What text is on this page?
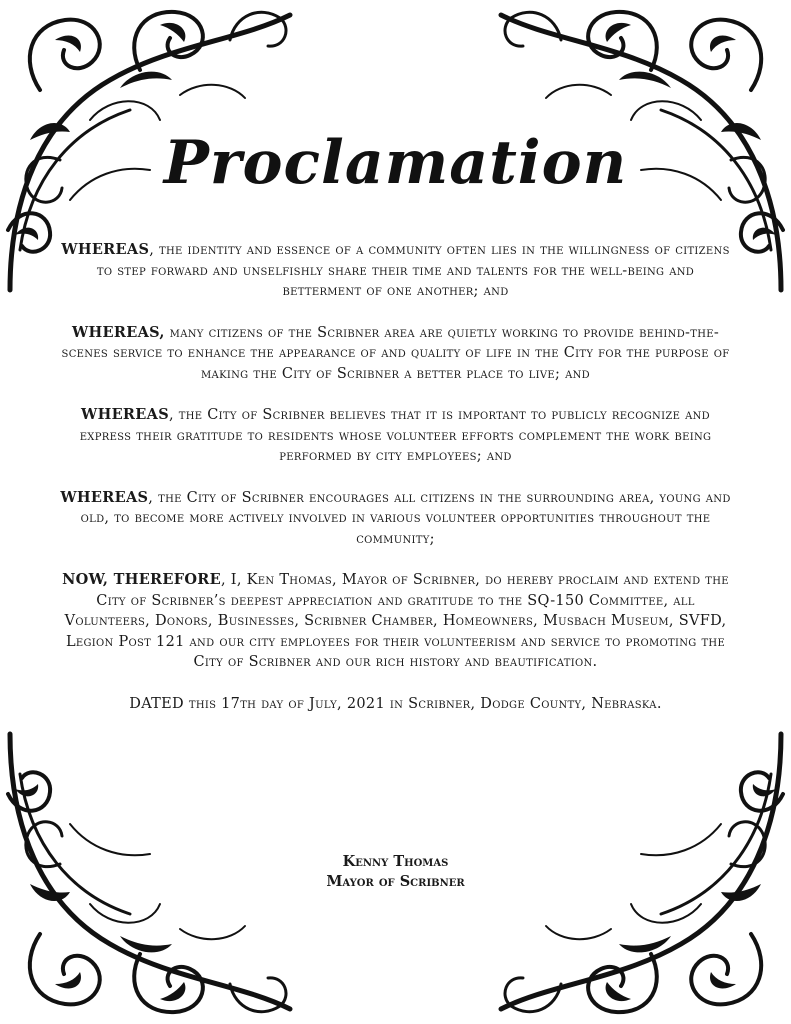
Proclamation

WHEREAS, the identity and essence of a community often lies in the willingness of citizens to step forward and unselfishly share their time and talents for the well-being and betterment of one another; and

WHEREAS, many citizens of the Scribner area are quietly working to provide behind-the-scenes service to enhance the appearance of and quality of life in the City for the purpose of making the City of Scribner a better place to live; and

WHEREAS, the City of Scribner believes that it is important to publicly recognize and express their gratitude to residents whose volunteer efforts complement the work being performed by city employees; and

WHEREAS, the City of Scribner encourages all citizens in the surrounding area, young and old, to become more actively involved in various volunteer opportunities throughout the community;

NOW, THEREFORE, I, Ken Thomas, Mayor of Scribner, do hereby proclaim and extend the City of Scribner’s deepest appreciation and gratitude to the SQ-150 Committee, all Volunteers, Donors, Businesses, Scribner Chamber, Homeowners, Musbach Museum, SVFD, Legion Post 121 and our city employees for their volunteerism and service to promoting the City of Scribner and our rich history and beautification.

DATED this 17th day of July, 2021 in Scribner, Dodge County, Nebraska.

Kenny Thomas
Mayor of Scribner
